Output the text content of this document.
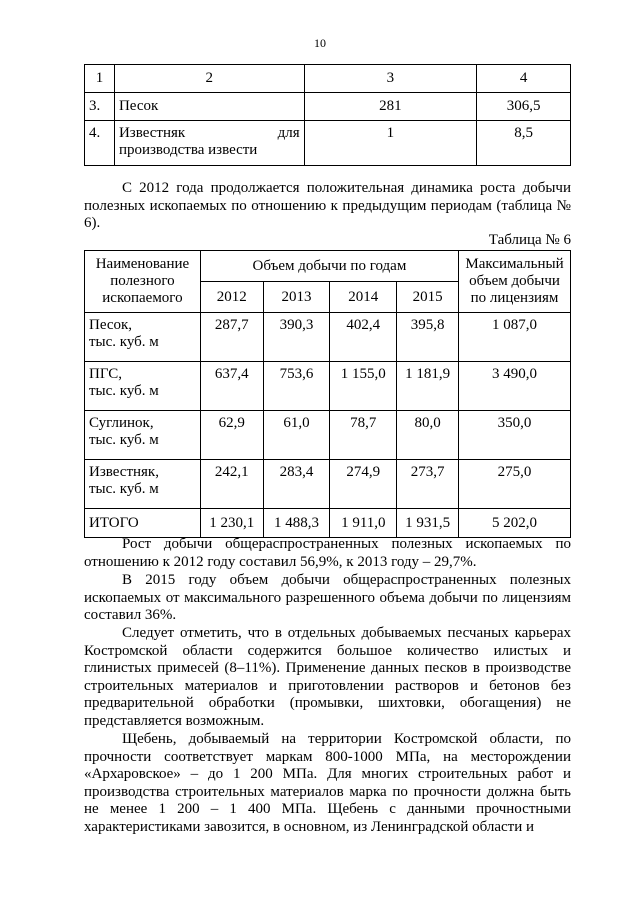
10
1	2	3	4
3.	Песок	281	306,5
4.	Известняк для производства извести	1	8,5
С 2012 года продолжается положительная динамика роста добычи полезных ископаемых по отношению к предыдущим периодам (таблица № 6).
Таблица № 6
Наименование полезного ископаемого	Объем добычи по годам				Максимальный объем добычи по лицензиям
	2012	2013	2014	2015	
Песок,
тыс. куб. м	287,7	390,3	402,4	395,8	1 087,0
ПГС,
тыс. куб. м	637,4	753,6	1 155,0	1 181,9	3 490,0
Суглинок,
тыс. куб. м	62,9	61,0	78,7	80,0	350,0
Известняк,
тыс. куб. м	242,1	283,4	274,9	273,7	275,0
ИТОГО	1 230,1	1 488,3	1 911,0	1 931,5	5 202,0
Рост добычи общераспространенных полезных ископаемых по отношению к 2012 году составил 56,9%, к 2013 году – 29,7%.
В 2015 году объем добычи общераспространенных полезных ископаемых от максимального разрешенного объема добычи по лицензиям составил 36%.
Следует отметить, что в отдельных добываемых песчаных карьерах Костромской области содержится большое количество илистых и глинистых примесей (8–11%). Применение данных песков в производстве строительных материалов и приготовлении растворов и бетонов без предварительной обработки (промывки, шихтовки, обогащения) не представляется возможным.
Щебень, добываемый на территории Костромской области, по прочности соответствует маркам 800-1000 МПа, на месторождении «Архаровское» – до 1 200 МПа. Для многих строительных работ и производства строительных материалов марка по прочности должна быть не менее 1 200 – 1 400 МПа. Щебень с данными прочностными характеристиками завозится, в основном, из Ленинградской области и
